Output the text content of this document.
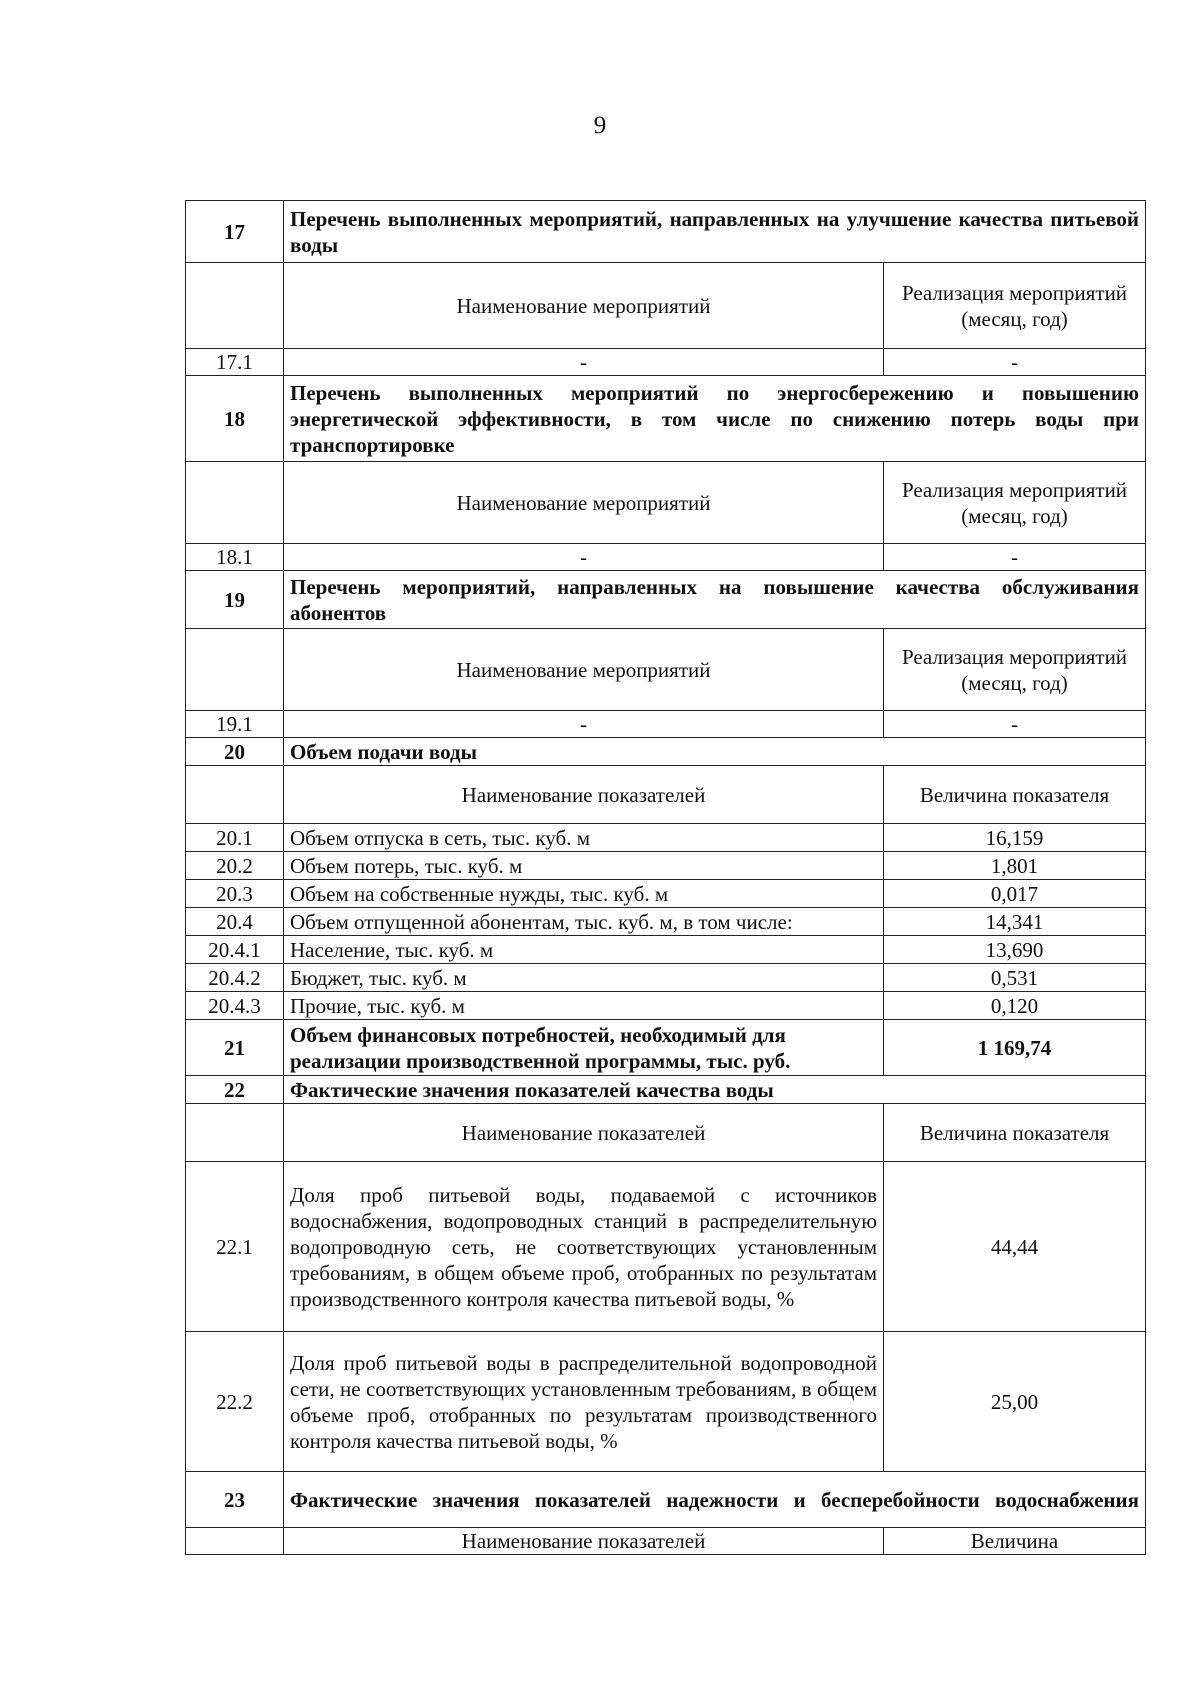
9
17	Перечень выполненных мероприятий, направленных на улучшение качества питьевой воды	
	Наименование мероприятий	Реализация мероприятий (месяц, год)
17.1	-	-
18	Перечень выполненных мероприятий по энергосбережению и повышению энергетической эффективности, в том числе по снижению потерь воды при транспортировке	
	Наименование мероприятий	Реализация мероприятий (месяц, год)
18.1	-	-
19	Перечень мероприятий, направленных на повышение качества обслуживания абонентов	
	Наименование мероприятий	Реализация мероприятий (месяц, год)
19.1	-	-
20	Объем подачи воды	
	Наименование показателей	Величина показателя
20.1	Объем отпуска в сеть, тыс. куб. м	16,159
20.2	Объем потерь, тыс. куб. м	1,801
20.3	Объем на собственные нужды, тыс. куб. м	0,017
20.4	Объем отпущенной абонентам, тыс. куб. м, в том числе:	14,341
20.4.1	Население, тыс. куб. м	13,690
20.4.2	Бюджет, тыс. куб. м	0,531
20.4.3	Прочие, тыс. куб. м	0,120
21	Объем финансовых потребностей, необходимый для реализации производственной программы, тыс. руб.	1 169,74
22	Фактические значения показателей качества воды	
	Наименование показателей	Величина показателя
22.1	Доля проб питьевой воды, подаваемой с источников водоснабжения, водопроводных станций в распределительную водопроводную сеть, не соответствующих установленным требованиям, в общем объеме проб, отобранных по результатам производственного контроля качества питьевой воды, %	44,44
22.2	Доля проб питьевой воды в распределительной водопроводной сети, не соответствующих установленным требованиям, в общем объеме проб, отобранных по результатам производственного контроля качества питьевой воды, %	25,00
23	Фактические значения показателей надежности и бесперебойности водоснабжения	
	Наименование показателей	Величина
